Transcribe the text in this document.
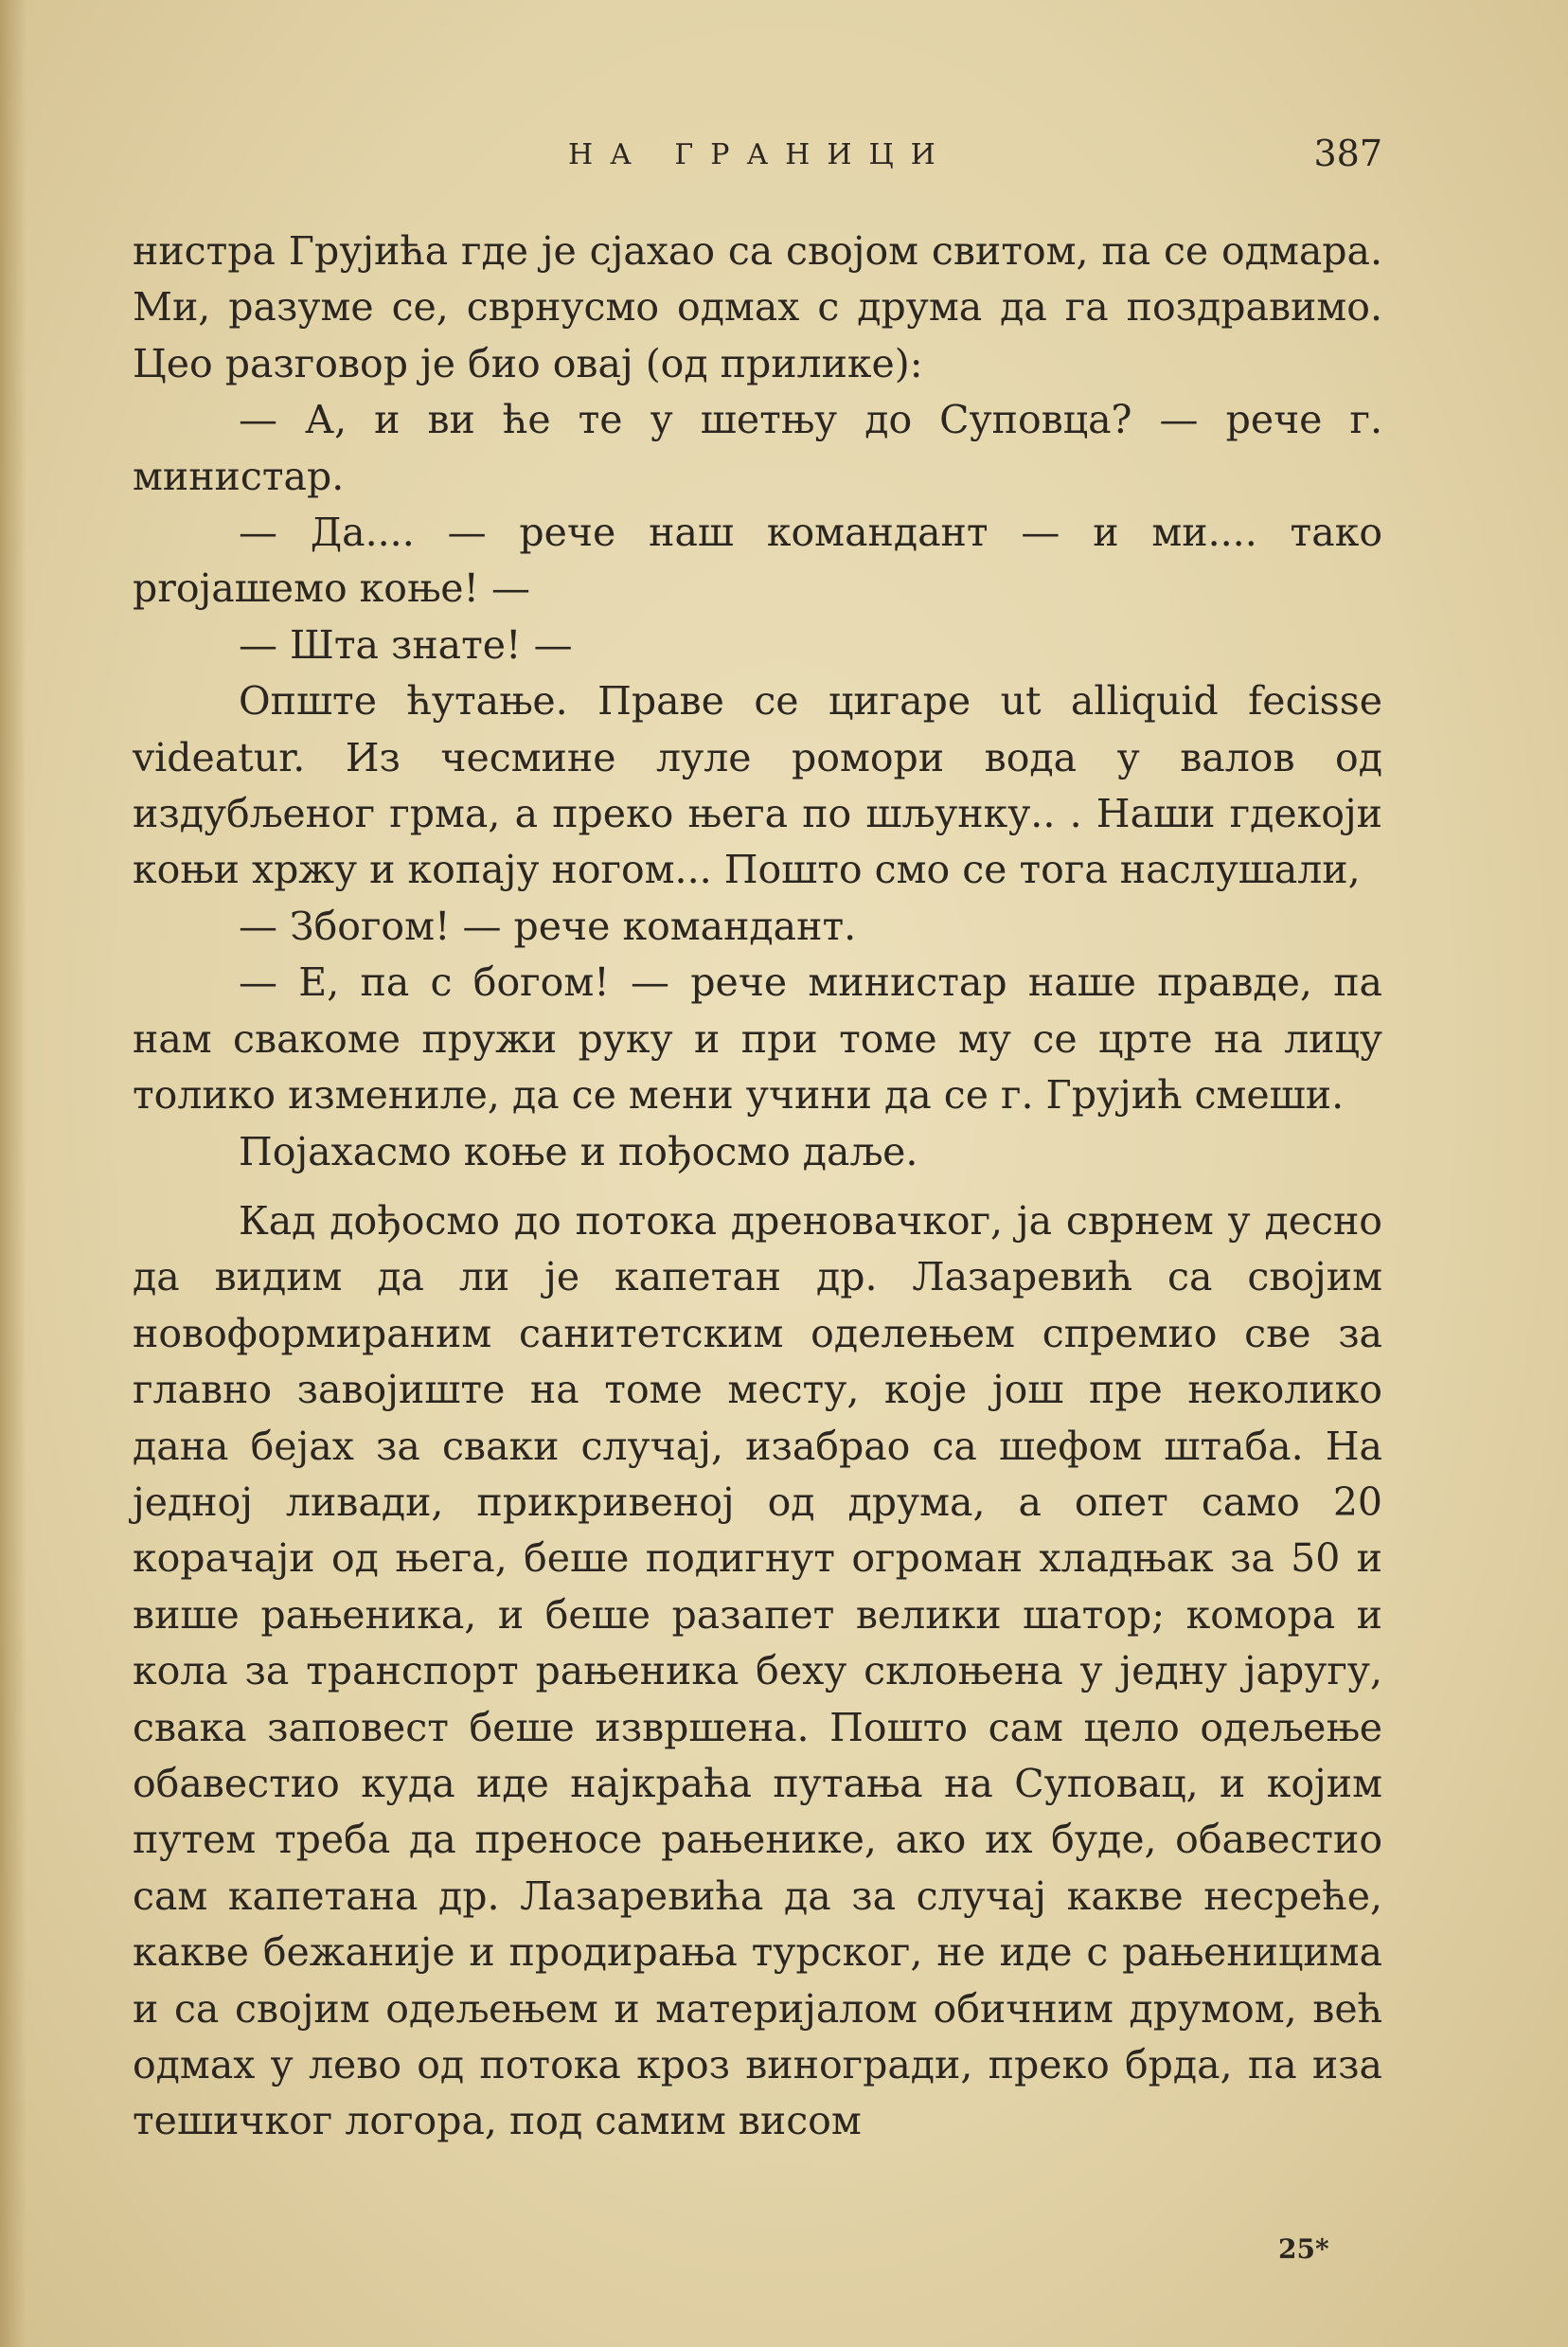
НА ГРАНИЦИ	387

нистра Грујића где је сјахао са својом свитом, па се одмара. Ми, разуме се, сврнусмо одмах с друма да га поздравимо. Цео разговор је био овај (од прилике):

— А, и ви ће те у шетњу до Суповца? — рече г. министар.

— Да.... — рече наш командант — и ми.... тако projашемо коње! —

— Шта знате! —

Опште ћутање. Праве се цигаре ut alliquid fecisse videatur. Из чесмине луле ромори вода у валов од издубљеног грма, а преко њега по шљунку.. . Наши гдекоји коњи хржу и копају ногом... Пошто смо се тога наслушали,

— Збогом! — рече командант.

— Е, па с богом! — рече министар наше правде, па нам свакоме пружи руку и при томе му се црте на лицу толико измениле, да се мени учини да се г. Грујић смеши.

Појахасмо коње и пођосмо даље.

Кад дођосмо до потока дреновачког, ја сврнем у десно да видим да ли је капетан др. Лазаревић са својим новоформираним санитетским оделењем спремио све за главно завојиште на томе месту, које још пре неколико дана бејах за сваки случај, изабрао са шефом штаба. На једној ливади, прикривеној од друма, а опет само 20 корачаји од њега, беше подигнут огроман хладњак за 50 и више рањеника, и беше разапет велики шатор; комора и кола за транспорт рањеника беху склоњена у једну јаругу, свака заповест беше извршена. Пошто сам цело одељење обавестио куда иде најкраћа путања на Суповац, и којим путем треба да преносе рањенике, ако их буде, обавестио сам капетана др. Лазаревића да за случај какве несреће, какве бежаније и продирања турског, не иде с рањеницима и са својим одељењем и материјалом обичним друмом, већ одмах у лево од потока кроз виногради, преко брда, па иза тешичког логора, под самим висом

25*
